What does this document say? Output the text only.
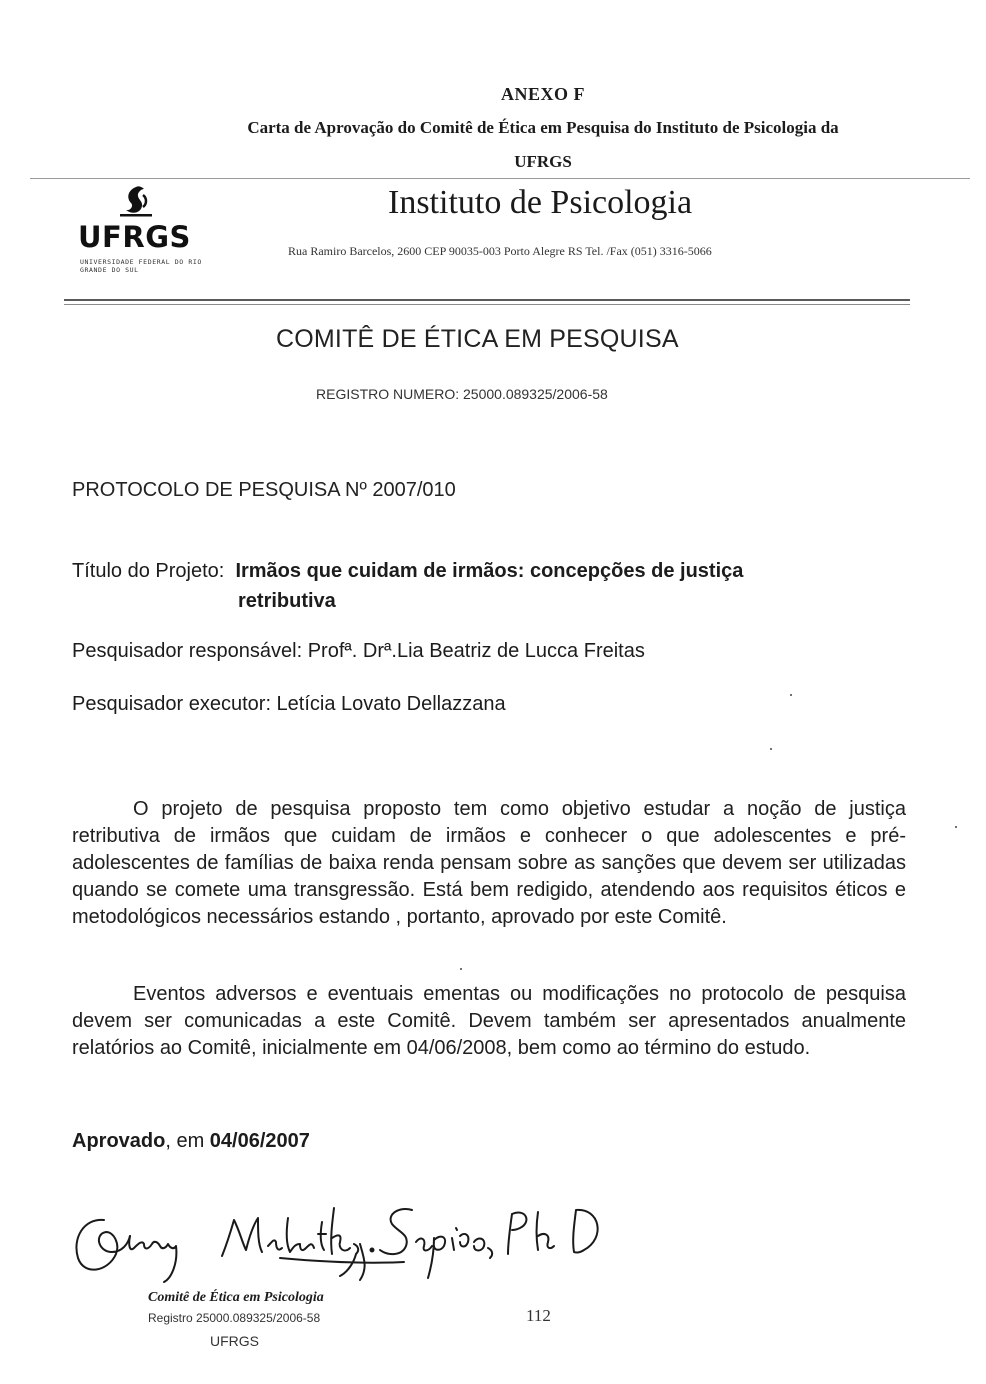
ANEXO F
Carta de Aprovação do Comitê de Ética em Pesquisa do Instituto de Psicologia da
UFRGS
UFRGS
UNIVERSIDADE FEDERAL DO RIO GRANDE DO SUL
Instituto de Psicologia
Rua Ramiro Barcelos, 2600 CEP 90035-003 Porto Alegre RS Tel. /Fax (051) 3316-5066
COMITÊ DE ÉTICA EM PESQUISA
REGISTRO NUMERO: 25000.089325/2006-58
PROTOCOLO DE PESQUISA Nº 2007/010
Título do Projeto: Irmãos que cuidam de irmãos: concepções de justiça
retributiva
Pesquisador responsável: Profª. Drª.Lia Beatriz de Lucca Freitas
Pesquisador executor: Letícia Lovato Dellazzana
O projeto de pesquisa proposto tem como objetivo estudar a noção de justiça retributiva de irmãos que cuidam de irmãos e conhecer o que adolescentes e pré-adolescentes de famílias de baixa renda pensam sobre as sanções que devem ser utilizadas quando se comete uma transgressão. Está bem redigido, atendendo aos requisitos éticos e metodológicos necessários estando , portanto, aprovado por este Comitê.
Eventos adversos e eventuais ementas ou modificações no protocolo de pesquisa devem ser comunicadas a este Comitê. Devem também ser apresentados anualmente relatórios ao Comitê, inicialmente em 04/06/2008, bem como ao término do estudo.
Aprovado, em 04/06/2007
Comitê de Ética em Psicologia
Registro 25000.089325/2006-58
UFRGS
112
